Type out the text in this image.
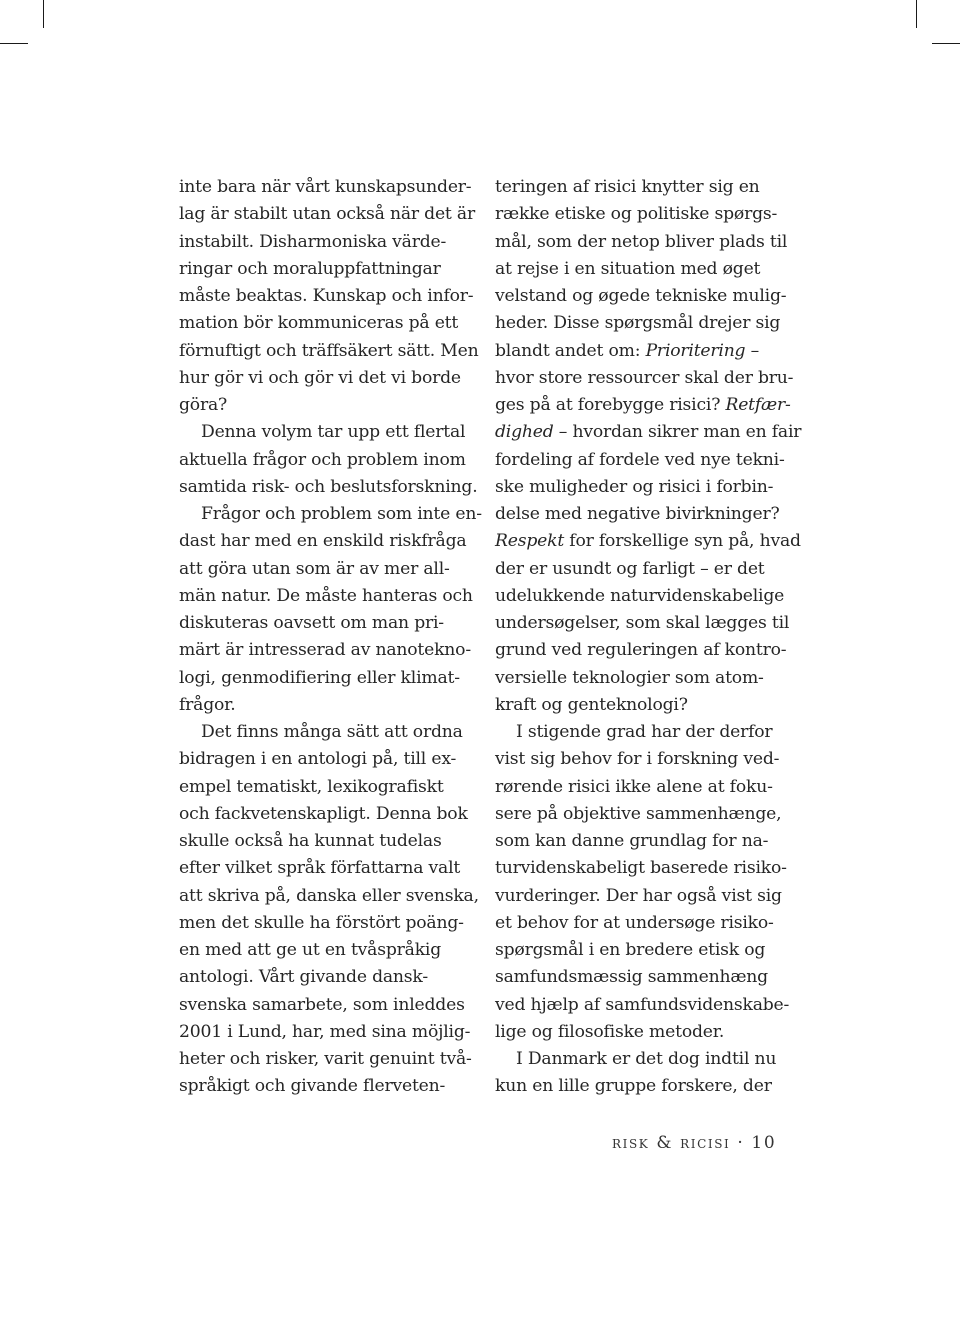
inte bara när vårt kunskapsunder-
lag är stabilt utan också när det är
instabilt. Disharmoniska värde-
ringar och moraluppfattningar
måste beaktas. Kunskap och infor-
mation bör kommuniceras på ett
förnuftigt och träffsäkert sätt. Men
hur gör vi och gör vi det vi borde
göra?
Denna volym tar upp ett flertal
aktuella frågor och problem inom
samtida risk- och beslutsforskning.
Frågor och problem som inte en-
dast har med en enskild riskfråga
att göra utan som är av mer all-
män natur. De måste hanteras och
diskuteras oavsett om man pri-
märt är intresserad av nanotekno-
logi, genmodifiering eller klimat-
frågor.
Det finns många sätt att ordna
bidragen i en antologi på, till ex-
empel tematiskt, lexikografiskt
och fackvetenskapligt. Denna bok
skulle också ha kunnat tudelas
efter vilket språk författarna valt
att skriva på, danska eller svenska,
men det skulle ha förstört poäng-
en med att ge ut en tvåspråkig
antologi. Vårt givande dansk-
svenska samarbete, som inleddes
2001 i Lund, har, med sina möjlig-
heter och risker, varit genuint två-
språkigt och givande flerveten-
teringen af risici knytter sig en
række etiske og politiske spørgs-
mål, som der netop bliver plads til
at rejse i en situation med øget
velstand og øgede tekniske mulig-
heder. Disse spørgsmål drejer sig
blandt andet om: Prioritering –
hvor store ressourcer skal der bru-
ges på at forebygge risici? Retfær-
dighed – hvordan sikrer man en fair
fordeling af fordele ved nye tekni-
ske muligheder og risici i forbin-
delse med negative bivirkninger?
Respekt for forskellige syn på, hvad
der er usundt og farligt – er det
udelukkende naturvidenskabelige
undersøgelser, som skal lægges til
grund ved reguleringen af kontro-
versielle teknologier som atom-
kraft og genteknologi?
I stigende grad har der derfor
vist sig behov for i forskning ved-
rørende risici ikke alene at foku-
sere på objektive sammenhænge,
som kan danne grundlag for na-
turvidenskabeligt baserede risiko-
vurderinger. Der har også vist sig
et behov for at undersøge risiko-
spørgsmål i en bredere etisk og
samfundsmæssig sammenhæng
ved hjælp af samfundsvidenskabe-
lige og filosofiske metoder.
I Danmark er det dog indtil nu
kun en lille gruppe forskere, der
risk & ricisi · 10
